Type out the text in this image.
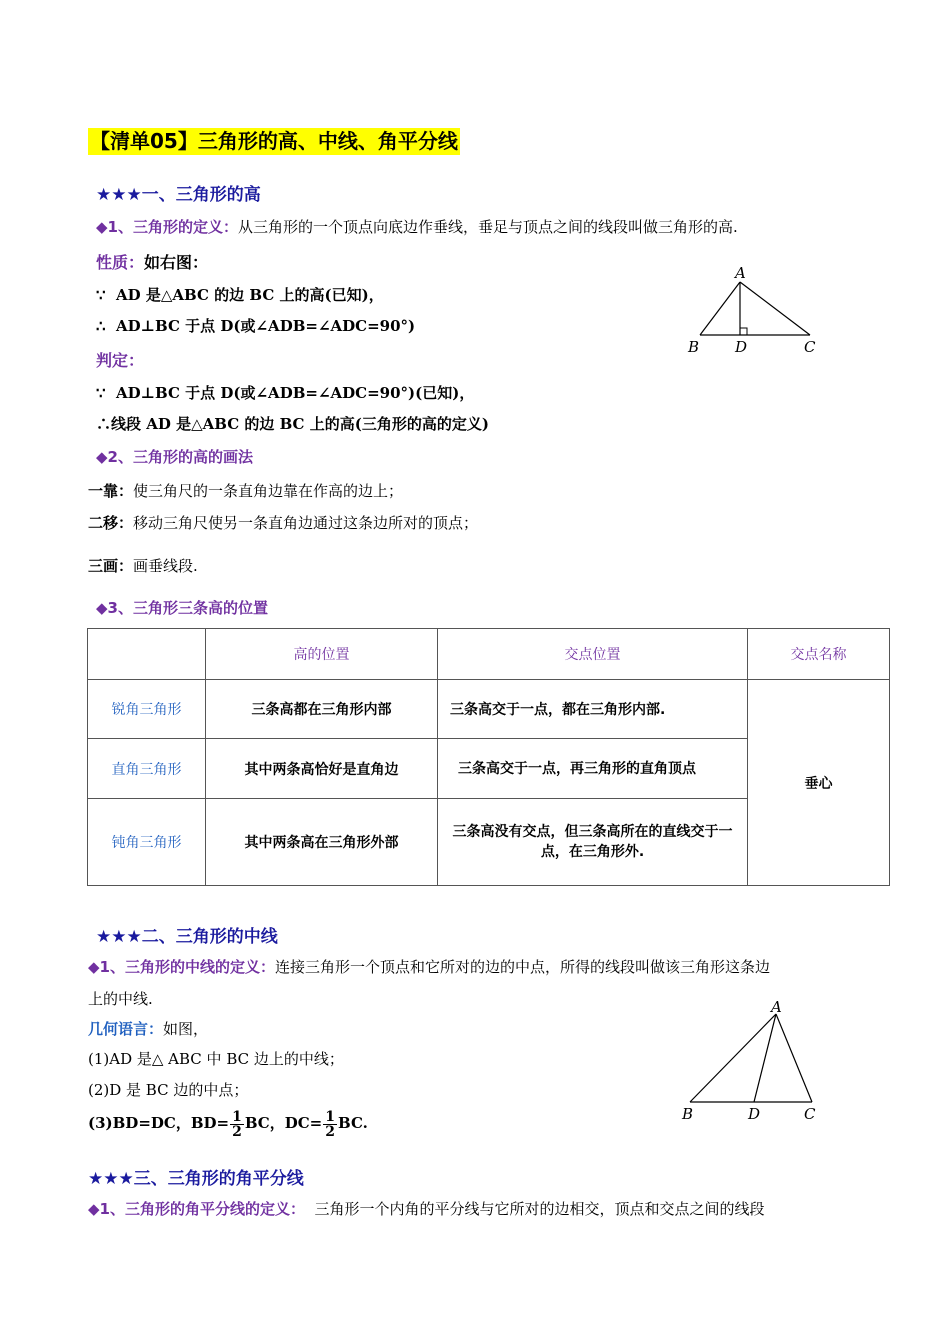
【清单05】三角形的高、中线、角平分线
★★★一、三角形的高
◆1、三角形的定义：从三角形的一个顶点向底边作垂线，垂足与顶点之间的线段叫做三角形的高.
性质：如右图：
∵ AD 是△ABC 的边 BC 上的高(已知)，
∴ AD⊥BC 于点 D(或∠ADB=∠ADC=90°)
判定：
∵ AD⊥BC 于点 D(或∠ADB=∠ADC=90°)(已知)，
∴线段 AD 是△ABC 的边 BC 上的高(三角形的高的定义)
A
B D	C
◆2、三角形的高的画法
一靠：使三角尺的一条直角边靠在作高的边上；
二移：移动三角尺使另一条直角边通过这条边所对的顶点；
三画：画垂线段.
◆3、三角形三条高的位置
	高的位置	交点位置	交点名称
锐角三角形	三条高都在三角形内部	三条高交于一点，都在三角形内部.	垂心
直角三角形	其中两条高恰好是直角边	三条高交于一点，再三角形的直角顶点	
钝角三角形	其中两条高在三角形外部	三条高没有交点，但三条高所在的直线交于一点，在三角形外.	
★★★二、三角形的中线
◆1、三角形的中线的定义：连接三角形一个顶点和它所对的边的中点，所得的线段叫做该三角形这条边
上的中线.
几何语言：如图，
(1)AD 是△ ABC 中 BC 边上的中线；
(2)D 是 BC 边的中点；
(3)BD=DC，$BD= \frac{1}{2}$ BC，$DC= \frac{1}{2}$ BC.
A
B	D	C
★★★三、三角形的角平分线
◆1、三角形的角平分线的定义： 三角形一个内角的平分线与它所对的边相交，顶点和交点之间的线段
